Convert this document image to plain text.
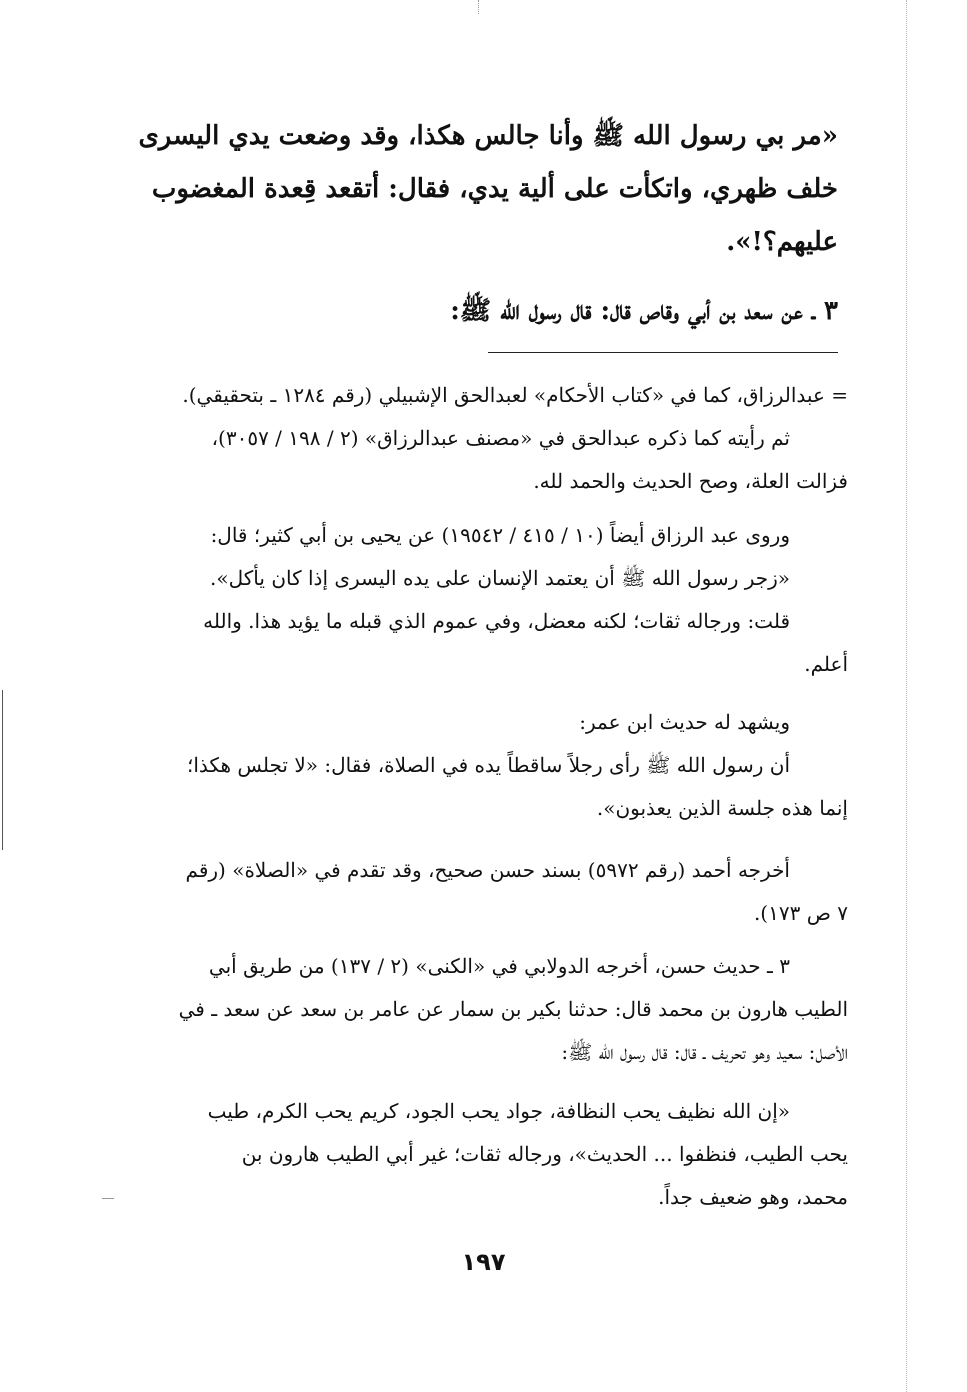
«مر بي رسول الله ﷺ وأنا جالس هكذا، وقد وضعت يدي اليسرى

خلف ظهري، واتكأت على ألية يدي، فقال: أتقعد قِعدة المغضوب

عليهم؟!».

٣ ـ عن سعد بن أبي وقاص قال: قال رسول الله ﷺ:

= عبدالرزاق، كما في «كتاب الأحكام» لعبدالحق الإشبيلي (رقم ١٢٨٤ ـ بتحقيقي).

ثم رأيته كما ذكره عبدالحق في «مصنف عبدالرزاق» (٢ / ١٩٨ / ٣٠٥٧)،

فزالت العلة، وصح الحديث والحمد لله.

وروى عبد الرزاق أيضاً (١٠ / ٤١٥ / ١٩٥٤٢) عن يحيى بن أبي كثير؛ قال:

«زجر رسول الله ﷺ أن يعتمد الإنسان على يده اليسرى إذا كان يأكل».

قلت: ورجاله ثقات؛ لكنه معضل، وفي عموم الذي قبله ما يؤيد هذا. والله

أعلم.

ويشهد له حديث ابن عمر:

أن رسول الله ﷺ رأى رجلاً ساقطاً يده في الصلاة، فقال: «لا تجلس هكذا؛

إنما هذه جلسة الذين يعذبون».

أخرجه أحمد (رقم ٥٩٧٢) بسند حسن صحيح، وقد تقدم في «الصلاة» (رقم

٧ ص ١٧٣).

٣ ـ حديث حسن، أخرجه الدولابي في «الكنى» (٢ / ١٣٧) من طريق أبي

الطيب هارون بن محمد قال: حدثنا بكير بن سمار عن عامر بن سعد عن سعد ـ في

الأصل: سعيد وهو تحريف ـ قال: قال رسول الله ﷺ:

«إن الله نظيف يحب النظافة، جواد يحب الجود، كريم يحب الكرم، طيب

يحب الطيب، فنظفوا ... الحديث»، ورجاله ثقات؛ غير أبي الطيب هارون بن

محمد، وهو ضعيف جداً.

١٩٧
